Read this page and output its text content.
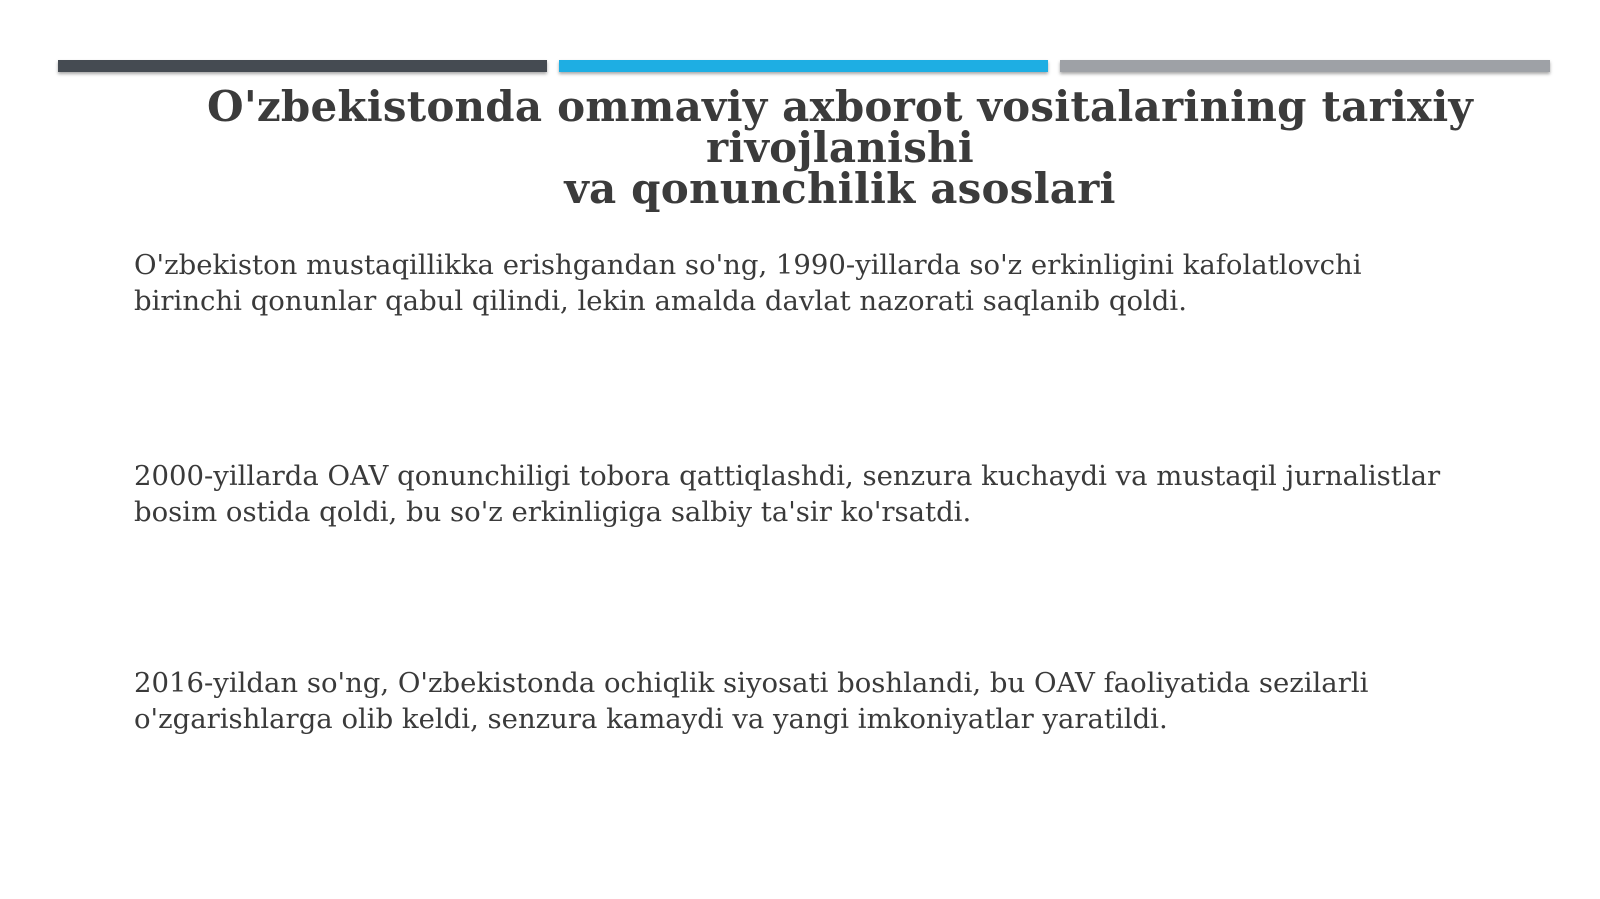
O'zbekistonda ommaviy axborot vositalarining tarixiy rivojlanishi
va qonunchilik asoslari

O'zbekiston mustaqillikka erishgandan so'ng, 1990-yillarda so'z erkinligini kafolatlovchi
birinchi qonunlar qabul qilindi, lekin amalda davlat nazorati saqlanib qoldi.

2000-yillarda OAV qonunchiligi tobora qattiqlashdi, senzura kuchaydi va mustaqil jurnalistlar
bosim ostida qoldi, bu so'z erkinligiga salbiy ta'sir ko'rsatdi.

2016-yildan so'ng, O'zbekistonda ochiqlik siyosati boshlandi, bu OAV faoliyatida sezilarli
o'zgarishlarga olib keldi, senzura kamaydi va yangi imkoniyatlar yaratildi.
